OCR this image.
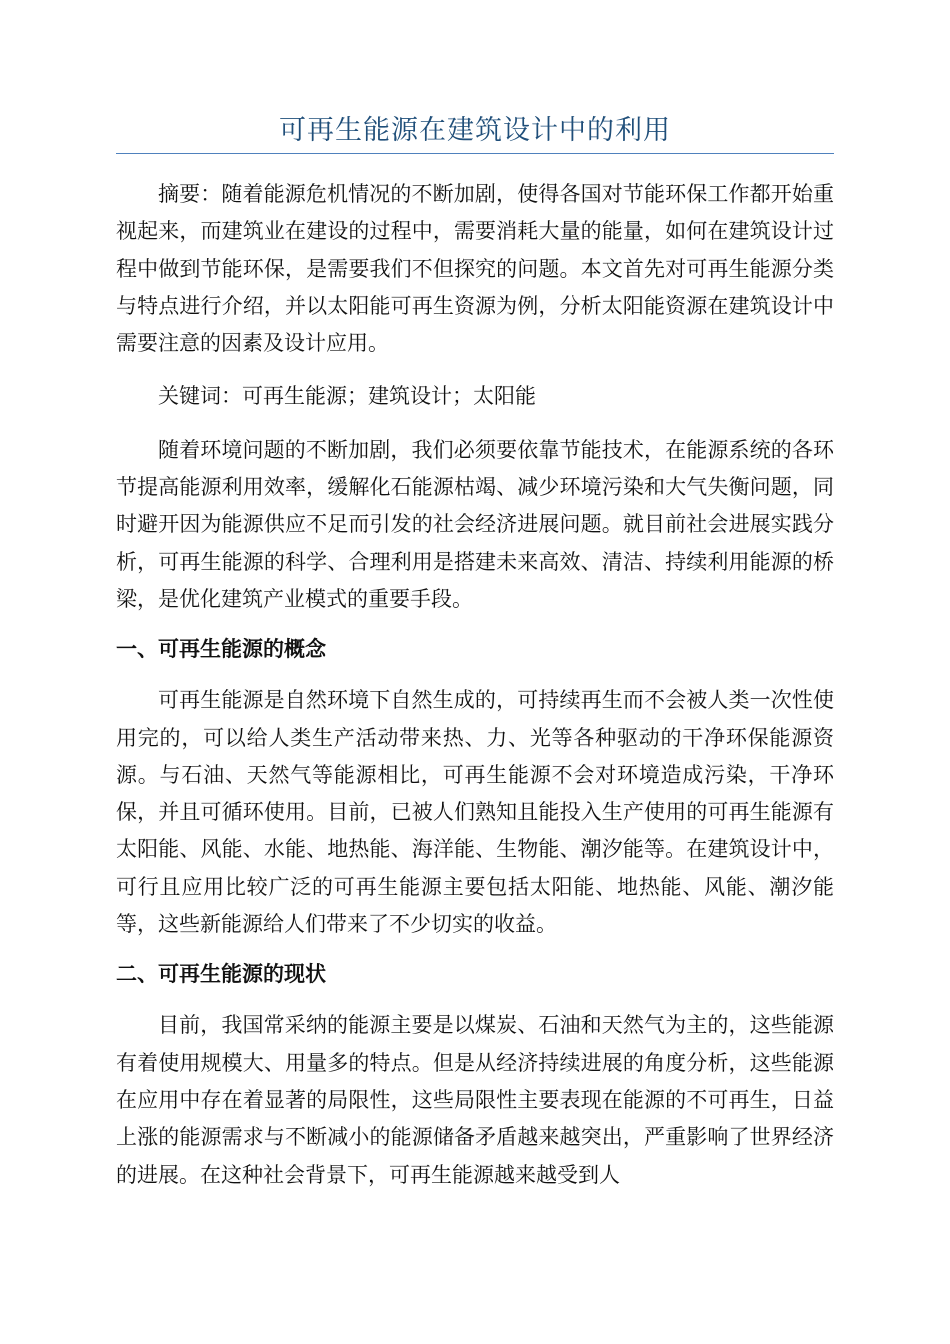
可再生能源在建筑设计中的利用

摘要：随着能源危机情况的不断加剧，使得各国对节能环保工作都开始重视起来，而建筑业在建设的过程中，需要消耗大量的能量，如何在建筑设计过程中做到节能环保，是需要我们不但探究的问题。本文首先对可再生能源分类与特点进行介绍，并以太阳能可再生资源为例，分析太阳能资源在建筑设计中需要注意的因素及设计应用。

关键词：可再生能源；建筑设计；太阳能

随着环境问题的不断加剧，我们必须要依靠节能技术，在能源系统的各环节提高能源利用效率，缓解化石能源枯竭、减少环境污染和大气失衡问题，同时避开因为能源供应不足而引发的社会经济进展问题。就目前社会进展实践分析，可再生能源的科学、合理利用是搭建未来高效、清洁、持续利用能源的桥梁，是优化建筑产业模式的重要手段。

一、可再生能源的概念

可再生能源是自然环境下自然生成的，可持续再生而不会被人类一次性使用完的，可以给人类生产活动带来热、力、光等各种驱动的干净环保能源资源。与石油、天然气等能源相比，可再生能源不会对环境造成污染，干净环保，并且可循环使用。目前，已被人们熟知且能投入生产使用的可再生能源有太阳能、风能、水能、地热能、海洋能、生物能、潮汐能等。在建筑设计中，可行且应用比较广泛的可再生能源主要包括太阳能、地热能、风能、潮汐能等，这些新能源给人们带来了不少切实的收益。

二、可再生能源的现状

目前，我国常采纳的能源主要是以煤炭、石油和天然气为主的，这些能源有着使用规模大、用量多的特点。但是从经济持续进展的角度分析，这些能源在应用中存在着显著的局限性，这些局限性主要表现在能源的不可再生，日益上涨的能源需求与不断减小的能源储备矛盾越来越突出，严重影响了世界经济的进展。在这种社会背景下，可再生能源越来越受到人
